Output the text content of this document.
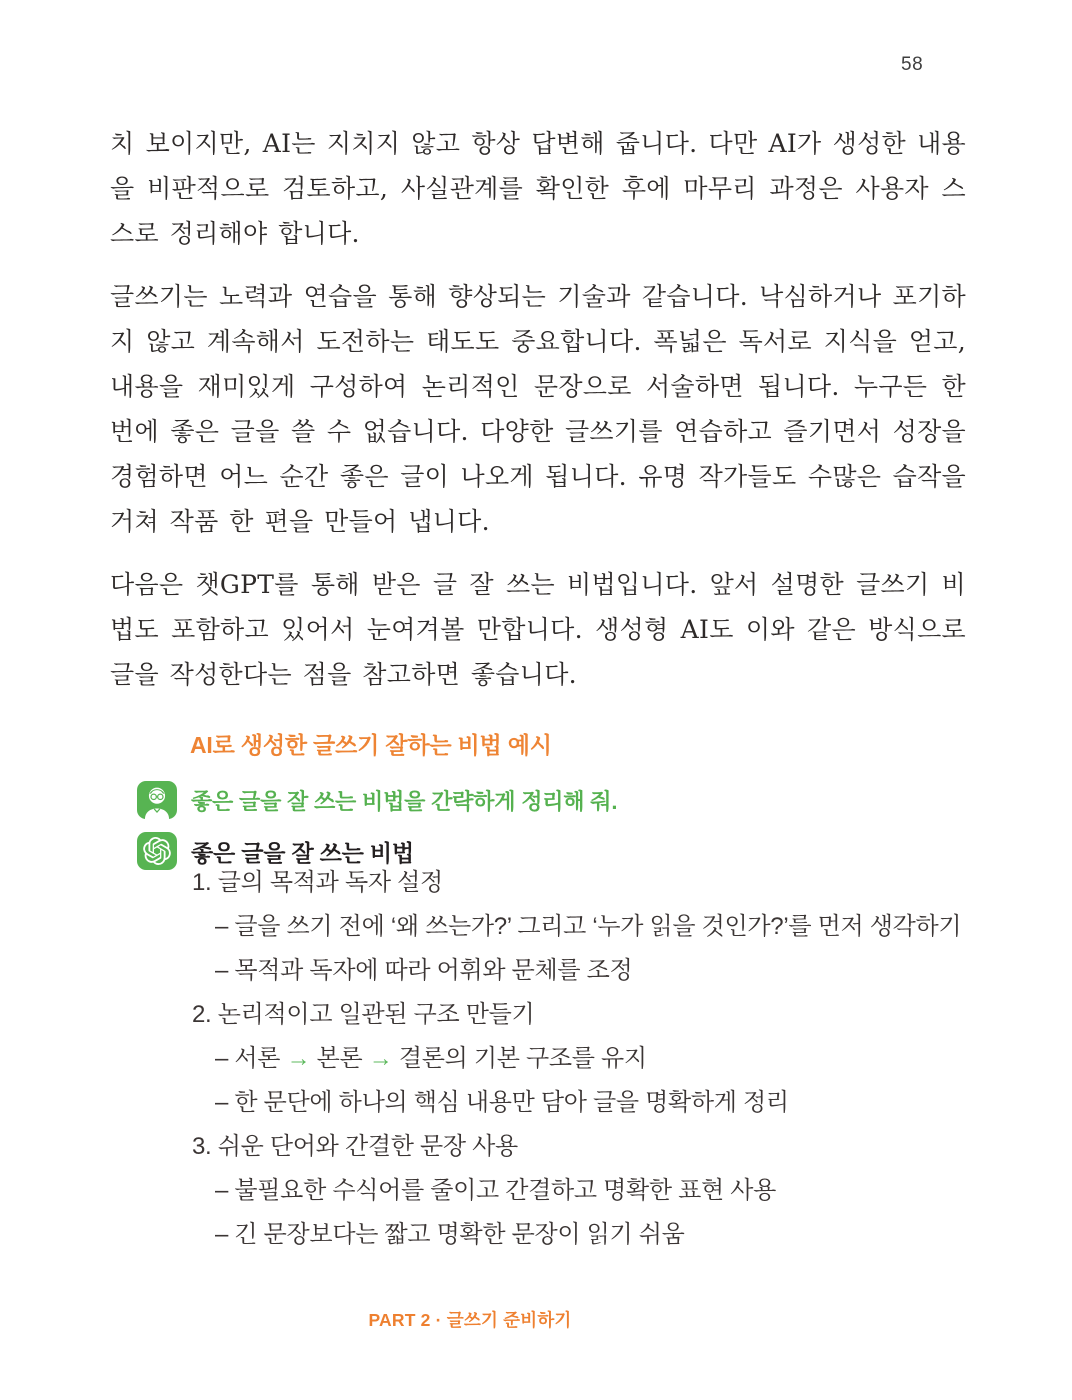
58

치 보이지만, AI는 지치지 않고 항상 답변해 줍니다. 다만 AI가 생성한 내용을 비판적으로 검토하고, 사실관계를 확인한 후에 마무리 과정은 사용자 스스로 정리해야 합니다.

글쓰기는 노력과 연습을 통해 향상되는 기술과 같습니다. 낙심하거나 포기하지 않고 계속해서 도전하는 태도도 중요합니다. 폭넓은 독서로 지식을 얻고, 내용을 재미있게 구성하여 논리적인 문장으로 서술하면 됩니다. 누구든 한 번에 좋은 글을 쓸 수 없습니다. 다양한 글쓰기를 연습하고 즐기면서 성장을 경험하면 어느 순간 좋은 글이 나오게 됩니다. 유명 작가들도 수많은 습작을 거쳐 작품 한 편을 만들어 냅니다.

다음은 챗GPT를 통해 받은 글 잘 쓰는 비법입니다. 앞서 설명한 글쓰기 비법도 포함하고 있어서 눈여겨볼 만합니다. 생성형 AI도 이와 같은 방식으로 글을 작성한다는 점을 참고하면 좋습니다.

AI로 생성한 글쓰기 잘하는 비법 예시
좋은 글을 잘 쓰는 비법을 간략하게 정리해 줘.
좋은 글을 잘 쓰는 비법
1. 글의 목적과 독자 설정
– 글을 쓰기 전에 ‘왜 쓰는가?’ 그리고 ‘누가 읽을 것인가?’를 먼저 생각하기
– 목적과 독자에 따라 어휘와 문체를 조정
2. 논리적이고 일관된 구조 만들기
– 서론 → 본론 → 결론의 기본 구조를 유지
– 한 문단에 하나의 핵심 내용만 담아 글을 명확하게 정리
3. 쉬운 단어와 간결한 문장 사용
– 불필요한 수식어를 줄이고 간결하고 명확한 표현 사용
– 긴 문장보다는 짧고 명확한 문장이 읽기 쉬움
PART 2 · 글쓰기 준비하기
